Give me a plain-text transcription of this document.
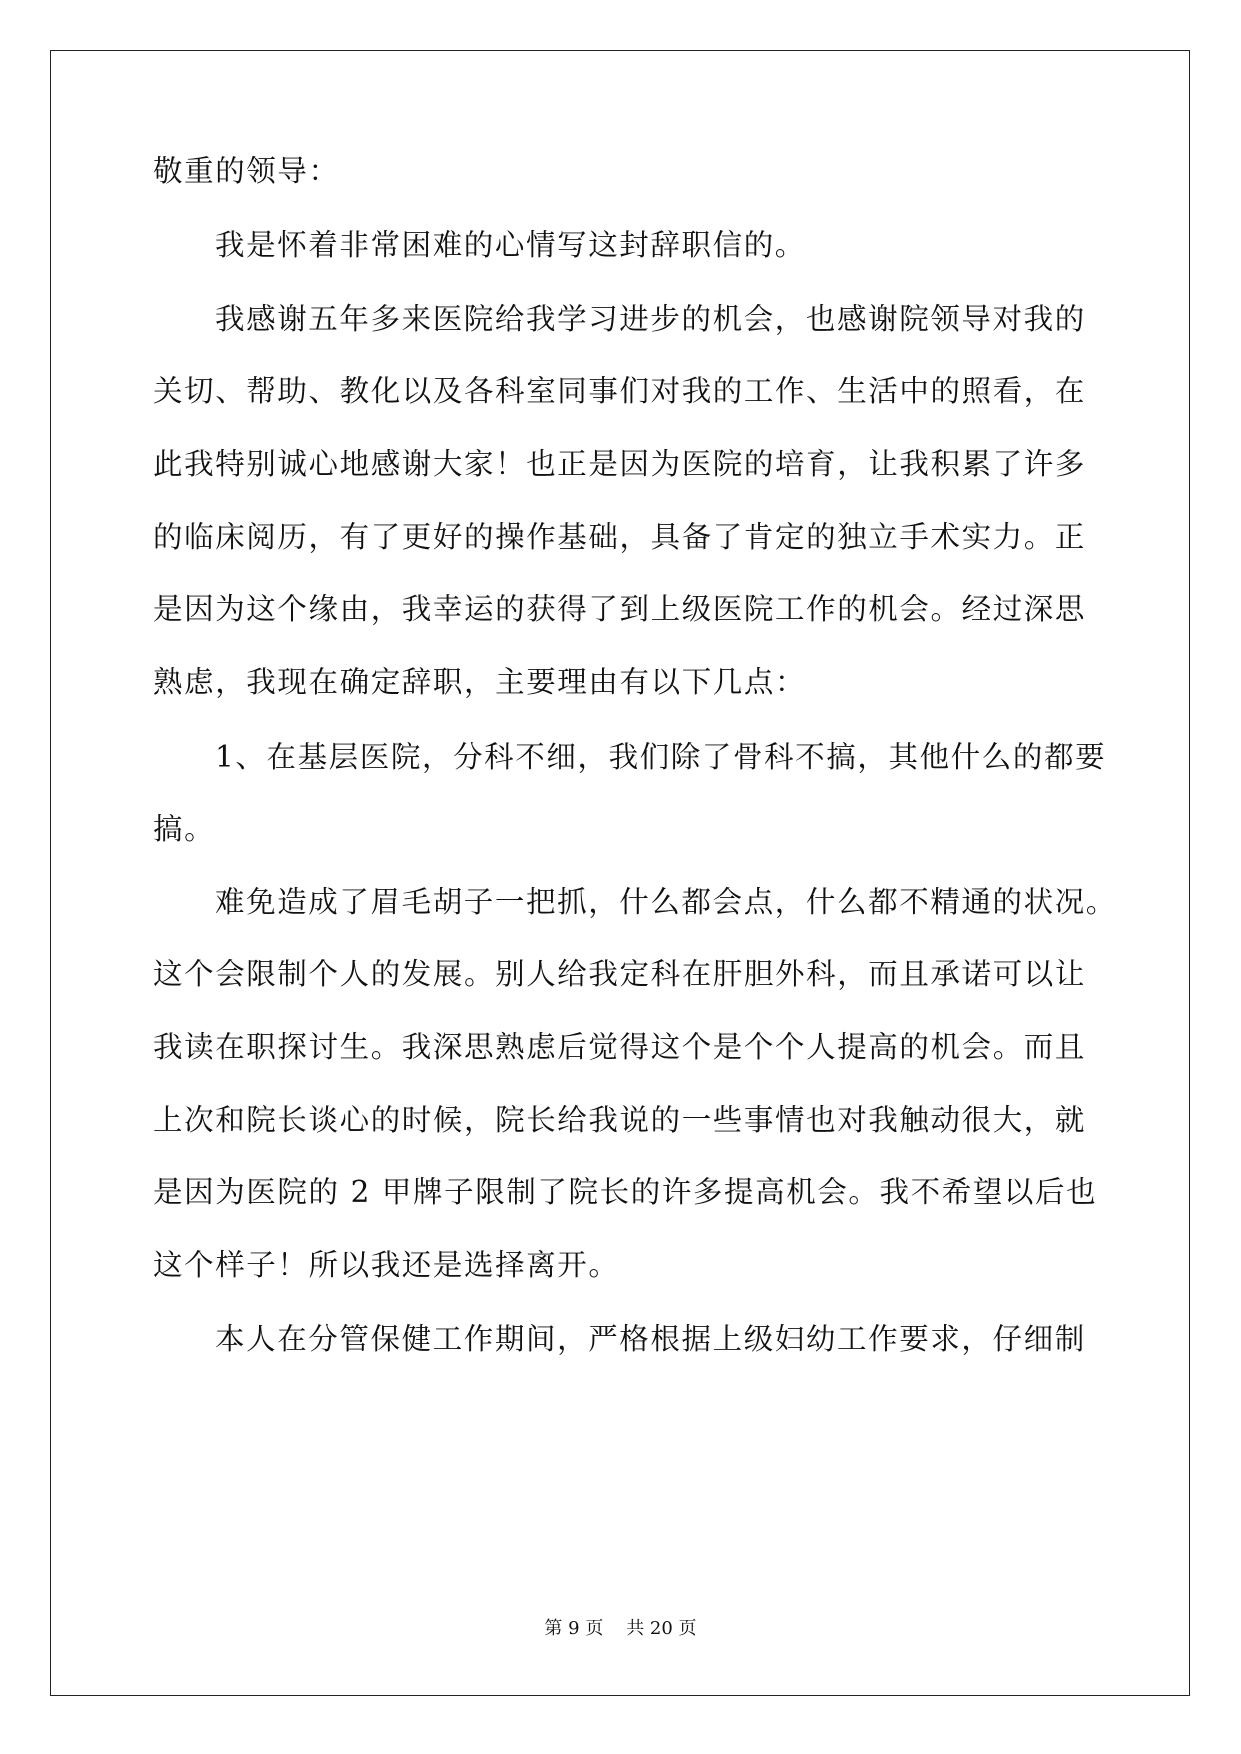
敬重的领导：
我是怀着非常困难的心情写这封辞职信的。
我感谢五年多来医院给我学习进步的机会，也感谢院领导对我的
关切、帮助、教化以及各科室同事们对我的工作、生活中的照看，在
此我特别诚心地感谢大家！也正是因为医院的培育，让我积累了许多
的临床阅历，有了更好的操作基础，具备了肯定的独立手术实力。正
是因为这个缘由，我幸运的获得了到上级医院工作的机会。经过深思
熟虑，我现在确定辞职，主要理由有以下几点：
1、在基层医院，分科不细，我们除了骨科不搞，其他什么的都要
搞。
难免造成了眉毛胡子一把抓，什么都会点，什么都不精通的状况。
这个会限制个人的发展。别人给我定科在肝胆外科，而且承诺可以让
我读在职探讨生。我深思熟虑后觉得这个是个个人提高的机会。而且
上次和院长谈心的时候，院长给我说的一些事情也对我触动很大，就
是因为医院的 2 甲牌子限制了院长的许多提高机会。我不希望以后也
这个样子！所以我还是选择离开。
本人在分管保健工作期间，严格根据上级妇幼工作要求，仔细制
第 9 页    共 20 页
